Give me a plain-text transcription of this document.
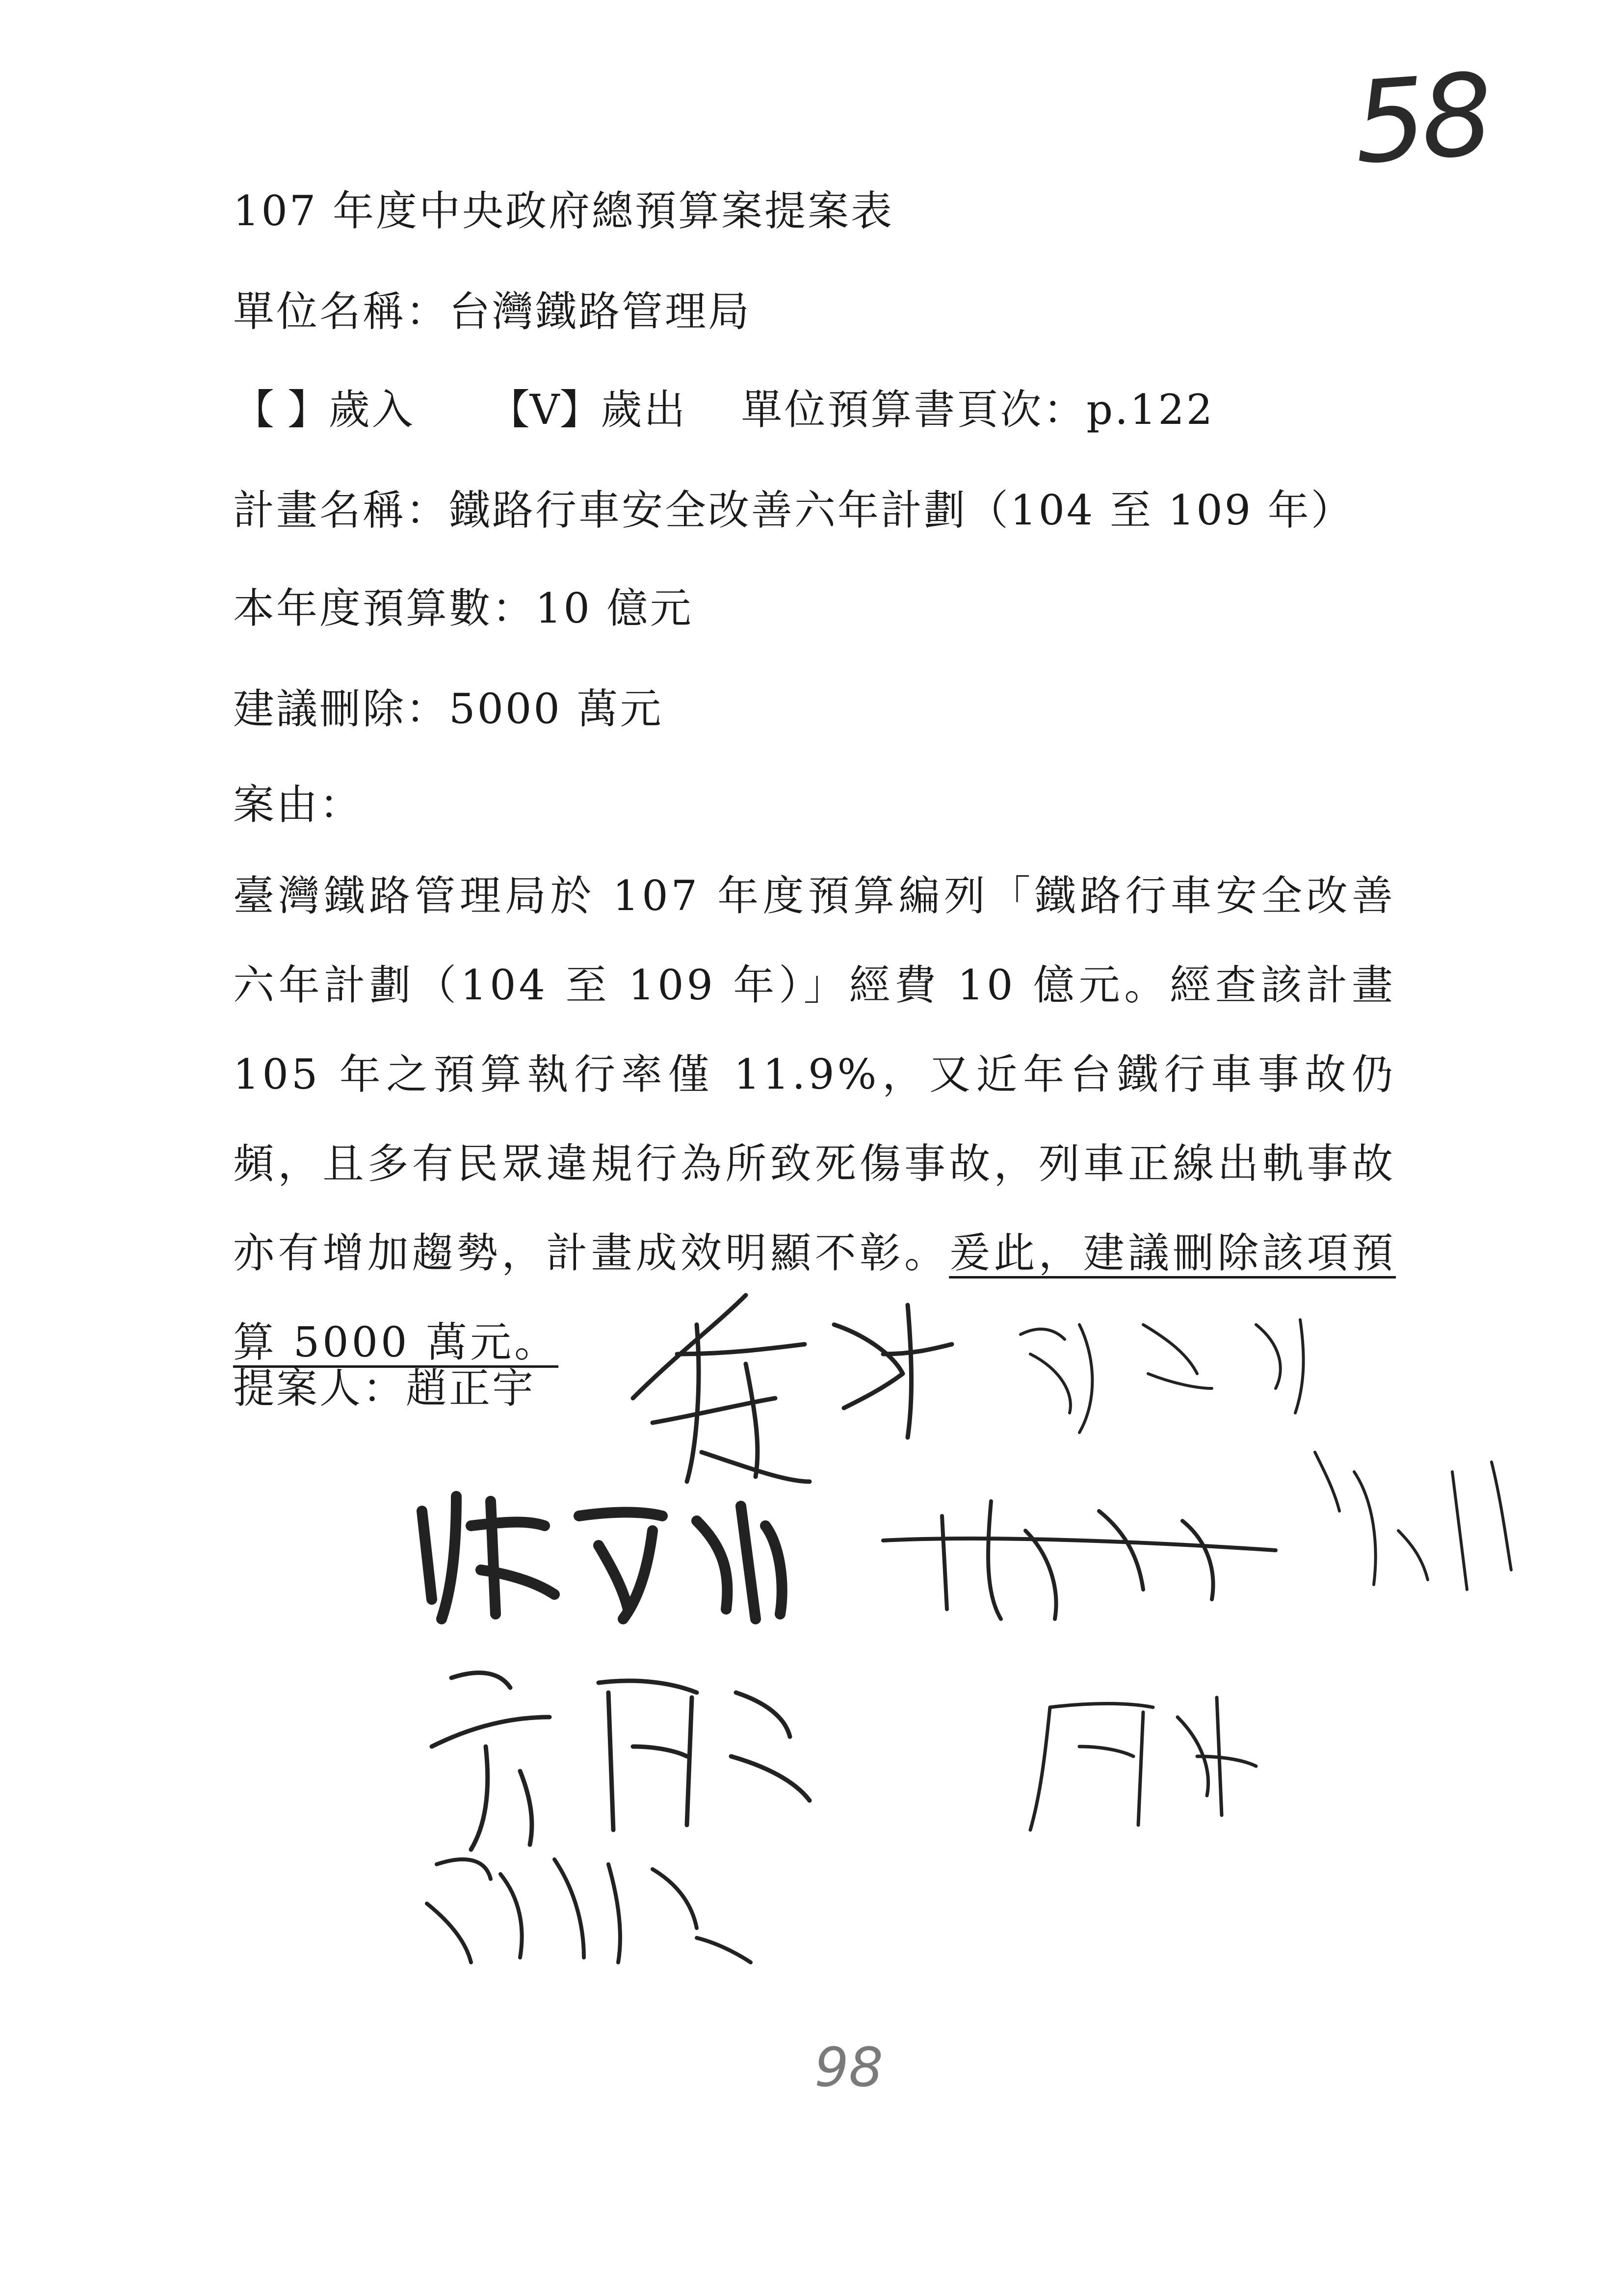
58
107 年度中央政府總預算案提案表
單位名稱：台灣鐵路管理局
【 】歲入 【V】歲出 單位預算書頁次：p.122
計畫名稱：鐵路行車安全改善六年計劃（104 至 109 年）
本年度預算數：10 億元
建議刪除：5000 萬元
案由：
臺灣鐵路管理局於 107 年度預算編列「鐵路行車安全改善六年計劃（104 至 109 年）」經費 10 億元。經查該計畫 105 年之預算執行率僅 11.9%，又近年台鐵行車事故仍頻，且多有民眾違規行為所致死傷事故，列車正線出軌事故亦有增加趨勢，計畫成效明顯不彰。爰此，建議刪除該項預算 5000 萬元。
提案人：趙正宇
98
